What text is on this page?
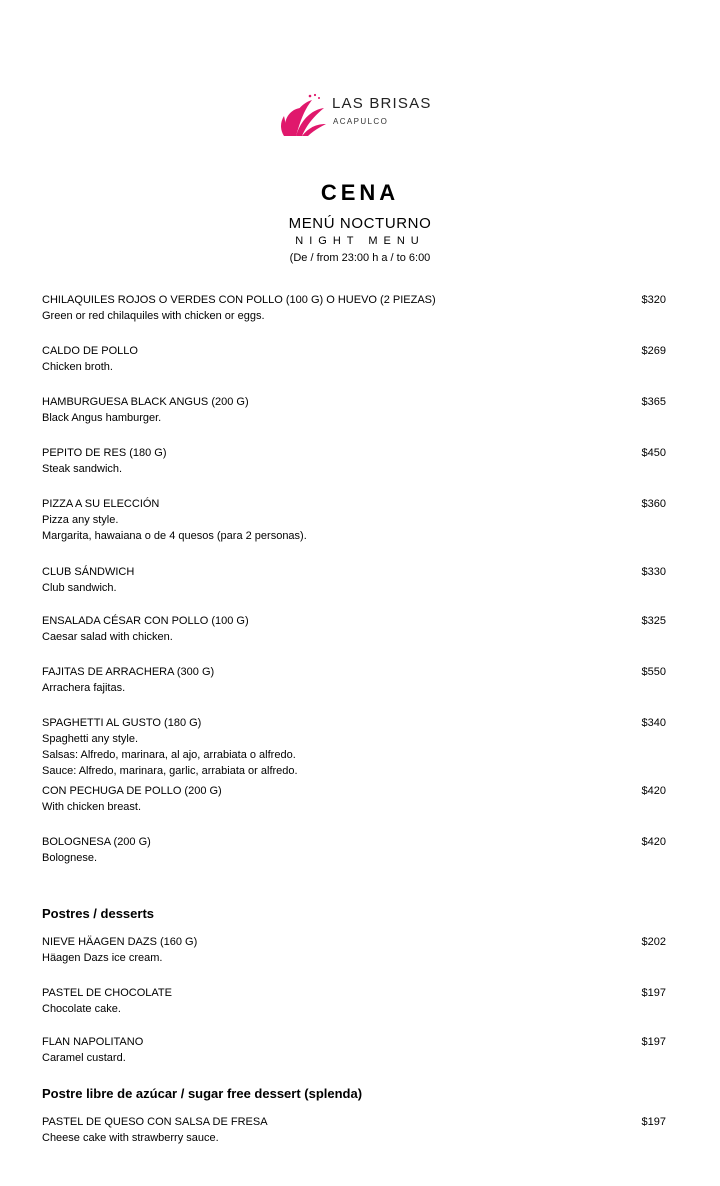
LAS BRISAS
ACAPULCO
CENA
MENÚ NOCTURNO
NIGHT MENU
(De / from 23:00 h a / to 6:00
CHILAQUILES ROJOS O VERDES CON POLLO (100 G) O HUEVO (2 PIEZAS)
Green or red chilaquiles with chicken or eggs.
$320
CALDO DE POLLO
Chicken broth.
$269
HAMBURGUESA BLACK ANGUS (200 G)
Black Angus hamburger.
$365
PEPITO DE RES (180 G)
Steak sandwich.
$450
PIZZA A SU ELECCIÓN
Pizza any style.
Margarita, hawaiana o de 4 quesos (para 2 personas).
$360
CLUB SÁNDWICH
Club sandwich.
$330
ENSALADA CÉSAR CON POLLO (100 G)
Caesar salad with chicken.
$325
FAJITAS DE ARRACHERA (300 G)
Arrachera fajitas.
$550
SPAGHETTI AL GUSTO (180 G)
Spaghetti any style.
Salsas: Alfredo, marinara, al ajo, arrabiata o alfredo.
Sauce: Alfredo, marinara, garlic, arrabiata or alfredo.
$340
CON PECHUGA DE POLLO (200 G)
With chicken breast.
$420
BOLOGNESA (200 G)
Bolognese.
$420
Postres / desserts
NIEVE HÄAGEN DAZS (160 G)
Häagen Dazs ice cream.
$202
PASTEL DE CHOCOLATE
Chocolate cake.
$197
FLAN NAPOLITANO
Caramel custard.
$197
Postre libre de azúcar / sugar free dessert (splenda)
PASTEL DE QUESO CON SALSA DE FRESA
Cheese cake with strawberry sauce.
$197
